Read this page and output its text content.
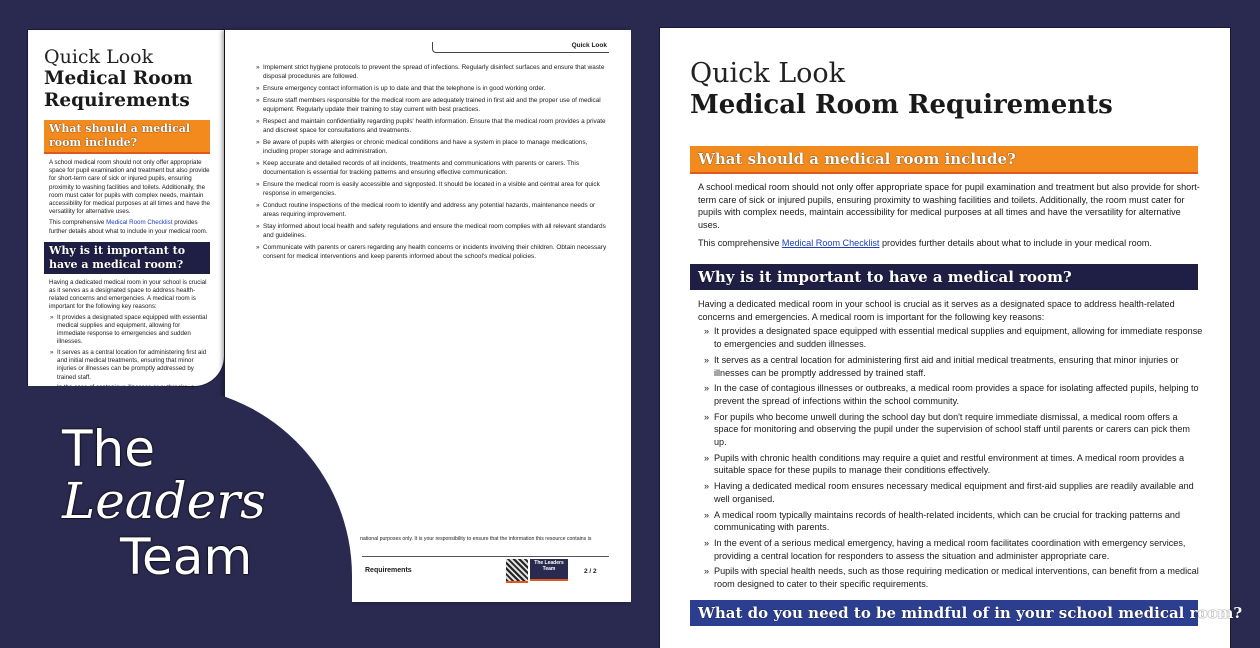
Quick Look
Medical Room Requirements
What should a medical room include?

A school medical room should not only offer appropriate space for pupil examination and treatment but also provide for short-term care of sick or injured pupils, ensuring proximity to washing facilities and toilets. Additionally, the room must cater for pupils with complex needs, maintain accessibility for medical purposes at all times and have the versatility for alternative uses.

This comprehensive Medical Room Checklist provides further details about what to include in your medical room.

Why is it important to have a medical room?

Having a dedicated medical room in your school is crucial as it serves as a designated space to address health-related concerns and emergencies. A medical room is important for the following key reasons:

» It provides a designated space equipped with essential medical supplies and equipment, allowing for immediate response to emergencies and sudden illnesses.
» It serves as a central location for administering first aid and initial medical treatments, ensuring that minor injuries or illnesses can be promptly addressed by trained staff.
»
Quick Look
» Implement strict hygiene protocols to prevent the spread of infections. Regularly disinfect surfaces and ensure that waste disposal procedures are followed.
» Ensure emergency contact information is up to date and that the telephone is in good working order.
» Ensure staff members responsible for the medical room are adequately trained in first aid and the proper use of medical equipment. Regularly update their training to stay current with best practices.
» Respect and maintain confidentiality regarding pupils' health information. Ensure that the medical room provides a private and discreet space for consultations and treatments.
» Be aware of pupils with allergies or chronic medical conditions and have a system in place to manage medications, including proper storage and administration.
» Keep accurate and detailed records of all incidents, treatments and communications with parents or carers. This documentation is essential for tracking patterns and ensuring effective communication.
» Ensure the medical room is easily accessible and signposted. It should be located in a visible and central area for quick response in emergencies.
» Conduct routine inspections of the medical room to identify and address any potential hazards, maintenance needs or areas requiring improvement.
» Stay informed about local health and safety regulations and ensure the medical room complies with all relevant standards and guidelines.
» Communicate with parents or carers regarding any health concerns or incidents involving their children. Obtain necessary consent for medical interventions and keep parents informed about the school's medical policies.
national purposes only. It is your responsibility to ensure that the information this resource contains is
Requirements
The Leaders Team	2 / 2
Quick Look
Medical Room Requirements
What should a medical room include?

A school medical room should not only offer appropriate space for pupil examination and treatment but also provide for short-term care of sick or injured pupils, ensuring proximity to washing facilities and toilets. Additionally, the room must cater for pupils with complex needs, maintain accessibility for medical purposes at all times and have the versatility for alternative uses.

This comprehensive Medical Room Checklist provides further details about what to include in your medical room.

Why is it important to have a medical room?

Having a dedicated medical room in your school is crucial as it serves as a designated space to address health-related concerns and emergencies. A medical room is important for the following key reasons:

» It provides a designated space equipped with essential medical supplies and equipment, allowing for immediate response to emergencies and sudden illnesses.
» It serves as a central location for administering first aid and initial medical treatments, ensuring that minor injuries or illnesses can be promptly addressed by trained staff.
» In the case of contagious illnesses or outbreaks, a medical room provides a space for isolating affected pupils, helping to prevent the spread of infections within the school community.
» For pupils who become unwell during the school day but don't require immediate dismissal, a medical room offers a space for monitoring and observing the pupil under the supervision of school staff until parents or carers can pick them up.
» Pupils with chronic health conditions may require a quiet and restful environment at times. A medical room provides a suitable space for these pupils to manage their conditions effectively.
» Having a dedicated medical room ensures necessary medical equipment and first-aid supplies are readily available and well organised.
» A medical room typically maintains records of health-related incidents, which can be crucial for tracking patterns and communicating with parents.
» In the event of a serious medical emergency, having a medical room facilitates coordination with emergency services, providing a central location for responders to assess the situation and administer appropriate care.
» Pupils with special health needs, such as those requiring medication or medical interventions, can benefit from a medical room designed to cater to their specific requirements.
What do you need to be mindful of in your school medical room?
The
Leaders
Team
